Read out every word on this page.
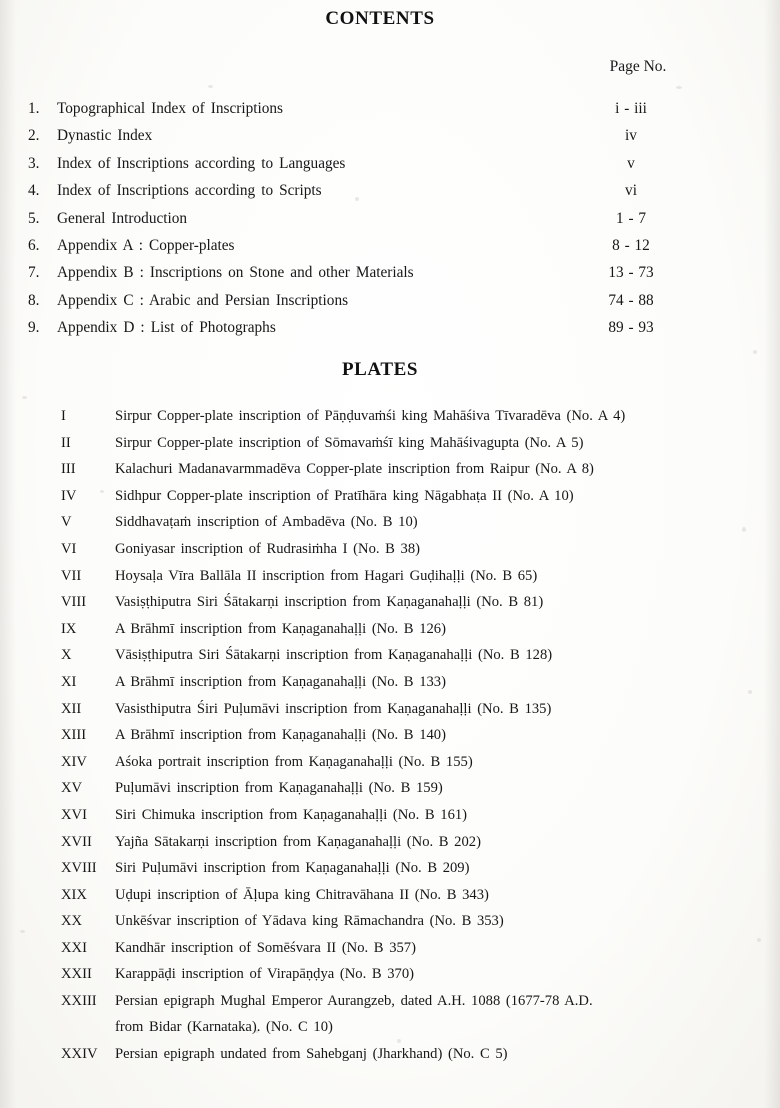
CONTENTS
Page No.
1.	Topographical Index of Inscriptions	i - iii
2.	Dynastic Index	iv
3.	Index of Inscriptions according to Languages	v
4.	Index of Inscriptions according to Scripts	vi
5.	General Introduction	1 - 7
6.	Appendix A : Copper-plates	8 - 12
7.	Appendix B : Inscriptions on Stone and other Materials	13 - 73
8.	Appendix C : Arabic and Persian Inscriptions	74 - 88
9.	Appendix D : List of Photographs	89 - 93
PLATES
I	Sirpur Copper-plate inscription of Pāṇḍuvaṁśi king Mahāśiva Tīvaradēva (No. A 4)
II	Sirpur Copper-plate inscription of Sōmavaṁśī king Mahāśivagupta (No. A 5)
III	Kalachuri Madanavarmmadēva Copper-plate inscription from Raipur (No. A 8)
IV	Sidhpur Copper-plate inscription of Pratīhāra king Nāgabhaṭa II (No. A 10)
V	Siddhavaṭaṁ inscription of Ambadēva (No. B 10)
VI	Goniyasar inscription of Rudrasiṁha I (No. B 38)
VII Hoysaḷa Vīra Ballāla II inscription from Hagari Guḍihaḷḷi (No. B 65)
VIII Vasiṣṭhiputra Siri Śātakarṇi inscription from Kaṇaganahaḷḷi (No. B 81)
IX	A Brāhmī inscription from Kaṇaganahaḷḷi (No. B 126)
X	Vāsiṣṭhiputra Siri Śātakarṇi inscription from Kaṇaganahaḷḷi (No. B 128)
XI	A Brāhmī inscription from Kaṇaganahaḷḷi (No. B 133)
XII Vasisthiputra Śiri Puḷumāvi inscription from Kaṇaganahaḷḷi (No. B 135)
XIII A Brāhmī inscription from Kaṇaganahaḷḷi (No. B 140)
XIV Aśoka portrait inscription from Kaṇaganahaḷḷi (No. B 155)
XV Puḷumāvi inscription from Kaṇaganahaḷḷi (No. B 159)
XVI Siri Chimuka inscription from Kaṇaganahaḷḷi (No. B 161)
XVII Yajña Sātakarṇi inscription from Kaṇaganahaḷḷi (No. B 202)
XVIII Siri Puḷumāvi inscription from Kaṇaganahaḷḷi (No. B 209)
XIX Uḍupi inscription of Āḷupa king Chitravāhana II (No. B 343)
XX Unkēśvar inscription of Yādava king Rāmachandra (No. B 353)
XXI Kandhār inscription of Somēśvara II (No. B 357)
XXII Karappāḍi inscription of Virapāṇḍya (No. B 370)
XXIII Persian epigraph Mughal Emperor Aurangzeb, dated A.H. 1088 (1677-78 A.D.
from Bidar (Karnataka). (No. C 10)
XXIV Persian epigraph undated from Sahebganj (Jharkhand) (No. C 5)
